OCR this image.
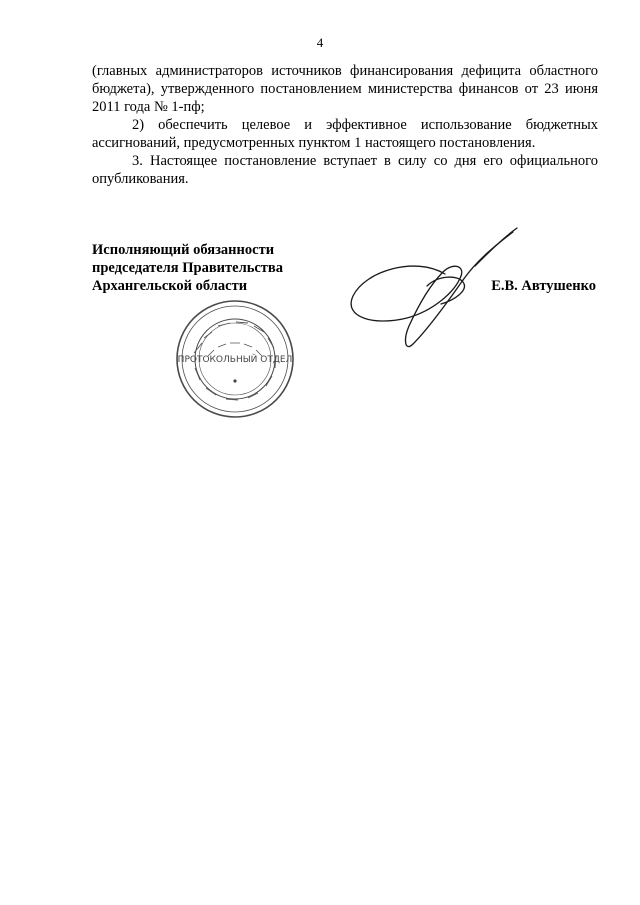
4

(главных администраторов источников финансирования дефицита областного бюджета), утвержденного постановлением министерства финансов от 23 июня 2011 года № 1-пф;

2) обеспечить целевое и эффективное использование бюджетных ассигнований, предусмотренных пунктом 1 настоящего постановления.

3. Настоящее постановление вступает в силу со дня его официального опубликования.

Исполняющий обязанности
председателя Правительства
Архангельской области	Е.В. Автушенко
ПРОТОКОЛЬНЫЙ ОТДЕЛ
